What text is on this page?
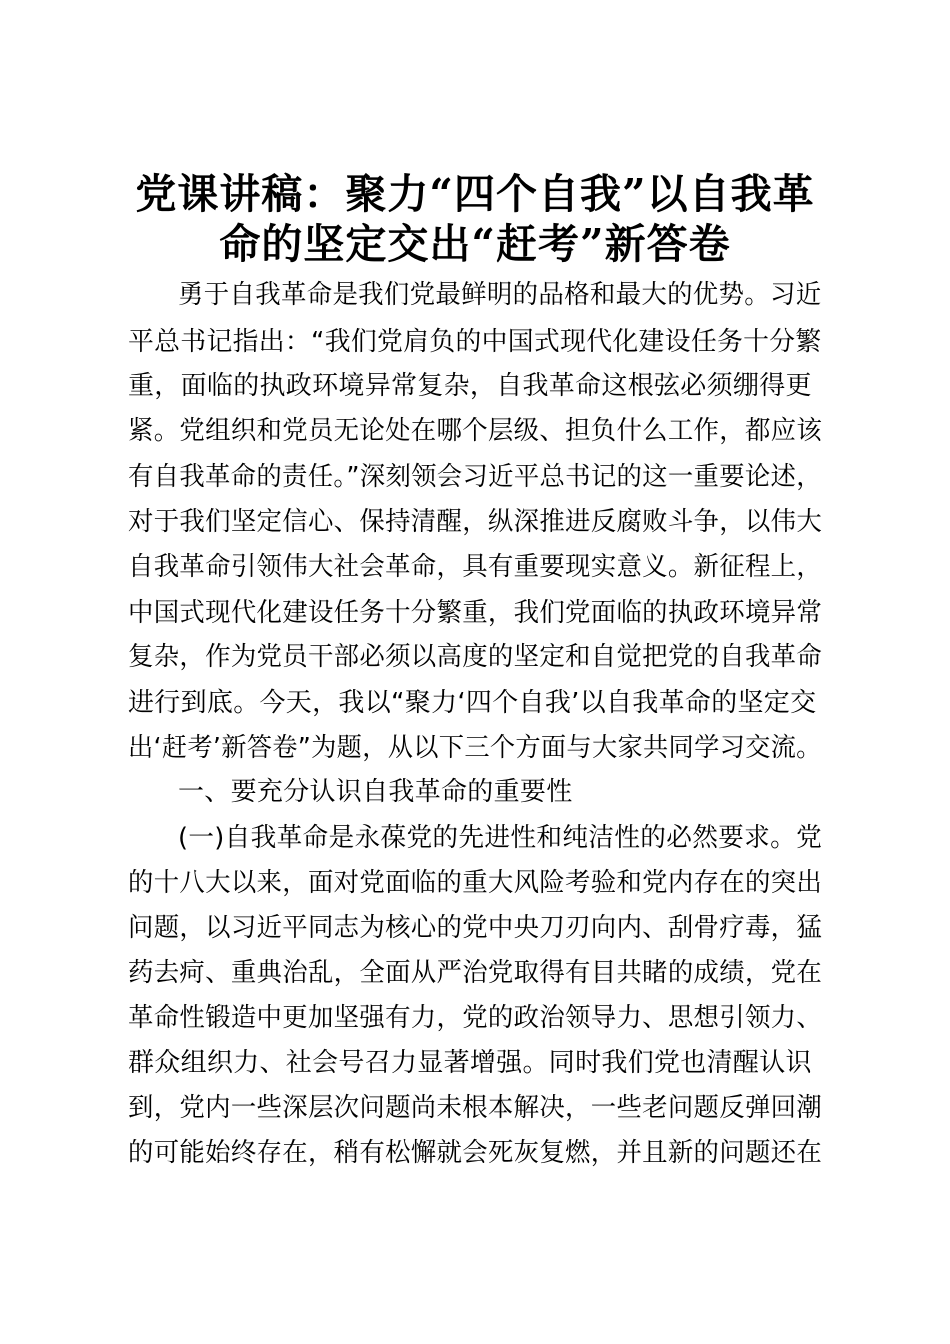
党课讲稿：聚力“四个自我”以自我革
命的坚定交出“赶考”新答卷
勇于自我革命是我们党最鲜明的品格和最大的优势。习近
平总书记指出：“我们党肩负的中国式现代化建设任务十分繁
重，面临的执政环境异常复杂，自我革命这根弦必须绷得更
紧。党组织和党员无论处在哪个层级、担负什么工作，都应该
有自我革命的责任。”深刻领会习近平总书记的这一重要论述，
对于我们坚定信心、保持清醒，纵深推进反腐败斗争，以伟大
自我革命引领伟大社会革命，具有重要现实意义。新征程上，
中国式现代化建设任务十分繁重，我们党面临的执政环境异常
复杂，作为党员干部必须以高度的坚定和自觉把党的自我革命
进行到底。今天，我以“聚力‘四个自我’以自我革命的坚定交
出‘赶考’新答卷”为题，从以下三个方面与大家共同学习交流。
一、要充分认识自我革命的重要性
(一)自我革命是永葆党的先进性和纯洁性的必然要求。党
的十八大以来，面对党面临的重大风险考验和党内存在的突出
问题，以习近平同志为核心的党中央刀刃向内、刮骨疗毒，猛
药去疴、重典治乱，全面从严治党取得有目共睹的成绩，党在
革命性锻造中更加坚强有力，党的政治领导力、思想引领力、
群众组织力、社会号召力显著增强。同时我们党也清醒认识
到，党内一些深层次问题尚未根本解决，一些老问题反弹回潮
的可能始终存在，稍有松懈就会死灰复燃，并且新的问题还在
